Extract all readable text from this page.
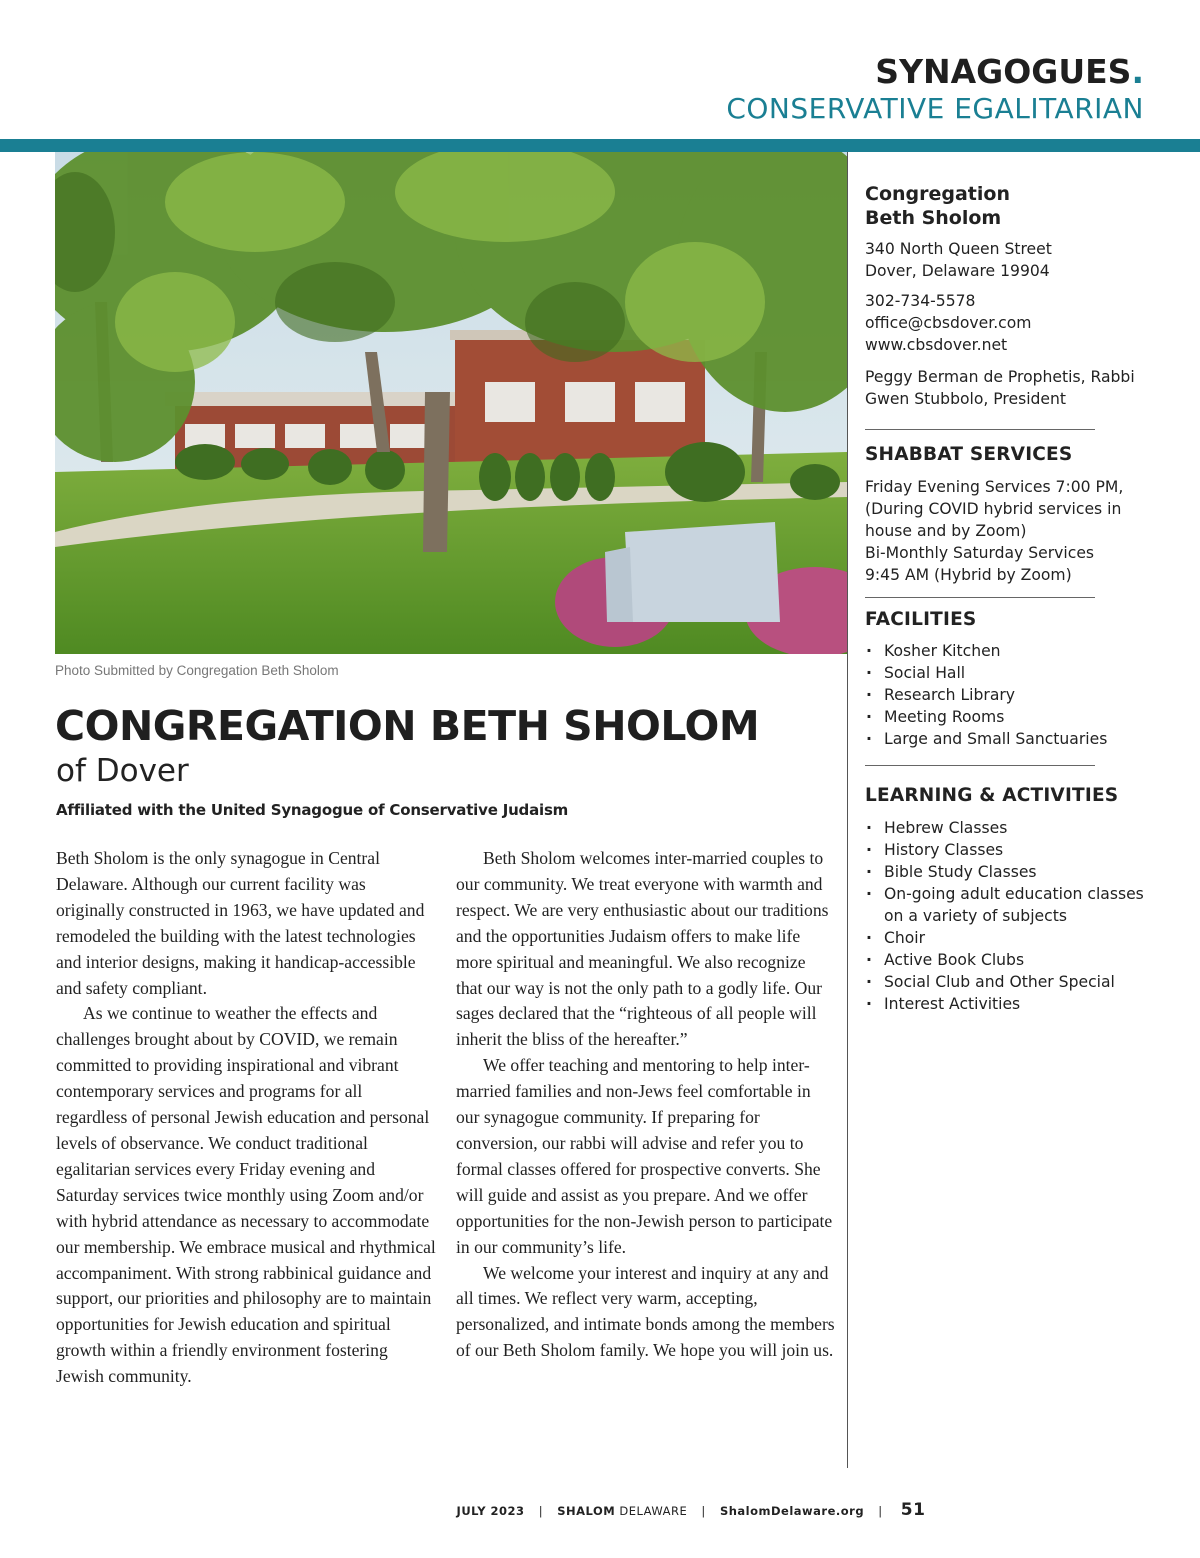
SYNAGOGUES.
CONSERVATIVE EGALITARIAN
Photo Submitted by Congregation Beth Sholom
CONGREGATION BETH SHOLOM
of Dover
Affiliated with the United Synagogue of Conservative Judaism

Beth Sholom is the only synagogue in Central Delaware. Although our current facility was originally constructed in 1963, we have updated and remodeled the building with the latest technologies and interior designs, making it handicap-accessible and safety compliant.

As we continue to weather the effects and challenges brought about by COVID, we remain committed to providing inspirational and vibrant contemporary services and programs for all regardless of personal Jewish education and personal levels of observance. We conduct traditional egalitarian services every Friday evening and Saturday services twice monthly using Zoom and/or with hybrid attendance as necessary to accommodate our membership. We embrace musical and rhythmical accompaniment. With strong rabbinical guidance and support, our priorities and philosophy are to maintain opportunities for Jewish education and spiritual growth within a friendly environment fostering Jewish community.

Beth Sholom welcomes inter-married couples to our community. We treat everyone with warmth and respect. We are very enthusiastic about our traditions and the opportunities Judaism offers to make life more spiritual and meaningful. We also recognize that our way is not the only path to a godly life. Our sages declared that the “righteous of all people will inherit the bliss of the hereafter.”

We offer teaching and mentoring to help inter-married families and non-Jews feel comfortable in our synagogue community. If preparing for conversion, our rabbi will advise and refer you to formal classes offered for prospective converts. She will guide and assist as you prepare. And we offer opportunities for the non-Jewish person to participate in our community’s life.

We welcome your interest and inquiry at any and all times. We reflect very warm, accepting, personalized, and intimate bonds among the members of our Beth Sholom family. We hope you will join us.

Congregation
Beth Sholom
340 North Queen Street
Dover, Delaware 19904
302-734-5578
office@cbsdover.com
www.cbsdover.net
Peggy Berman de Prophetis, Rabbi
Gwen Stubbolo, President
SHABBAT SERVICES
Friday Evening Services 7:00 PM,
(During COVID hybrid services in
house and by Zoom)
Bi-Monthly Saturday Services
9:45 AM (Hybrid by Zoom)
FACILITIES
· Kosher Kitchen
· Social Hall
· Research Library
· Meeting Rooms
· Large and Small Sanctuaries
LEARNING & ACTIVITIES
· Hebrew Classes
· History Classes
· Bible Study Classes
· On-going adult education classes on a variety of subjects
· Choir
· Active Book Clubs
· Social Club and Other Special
· Interest Activities
JULY 2023 | SHALOM DELAWARE | ShalomDelaware.org | 51
